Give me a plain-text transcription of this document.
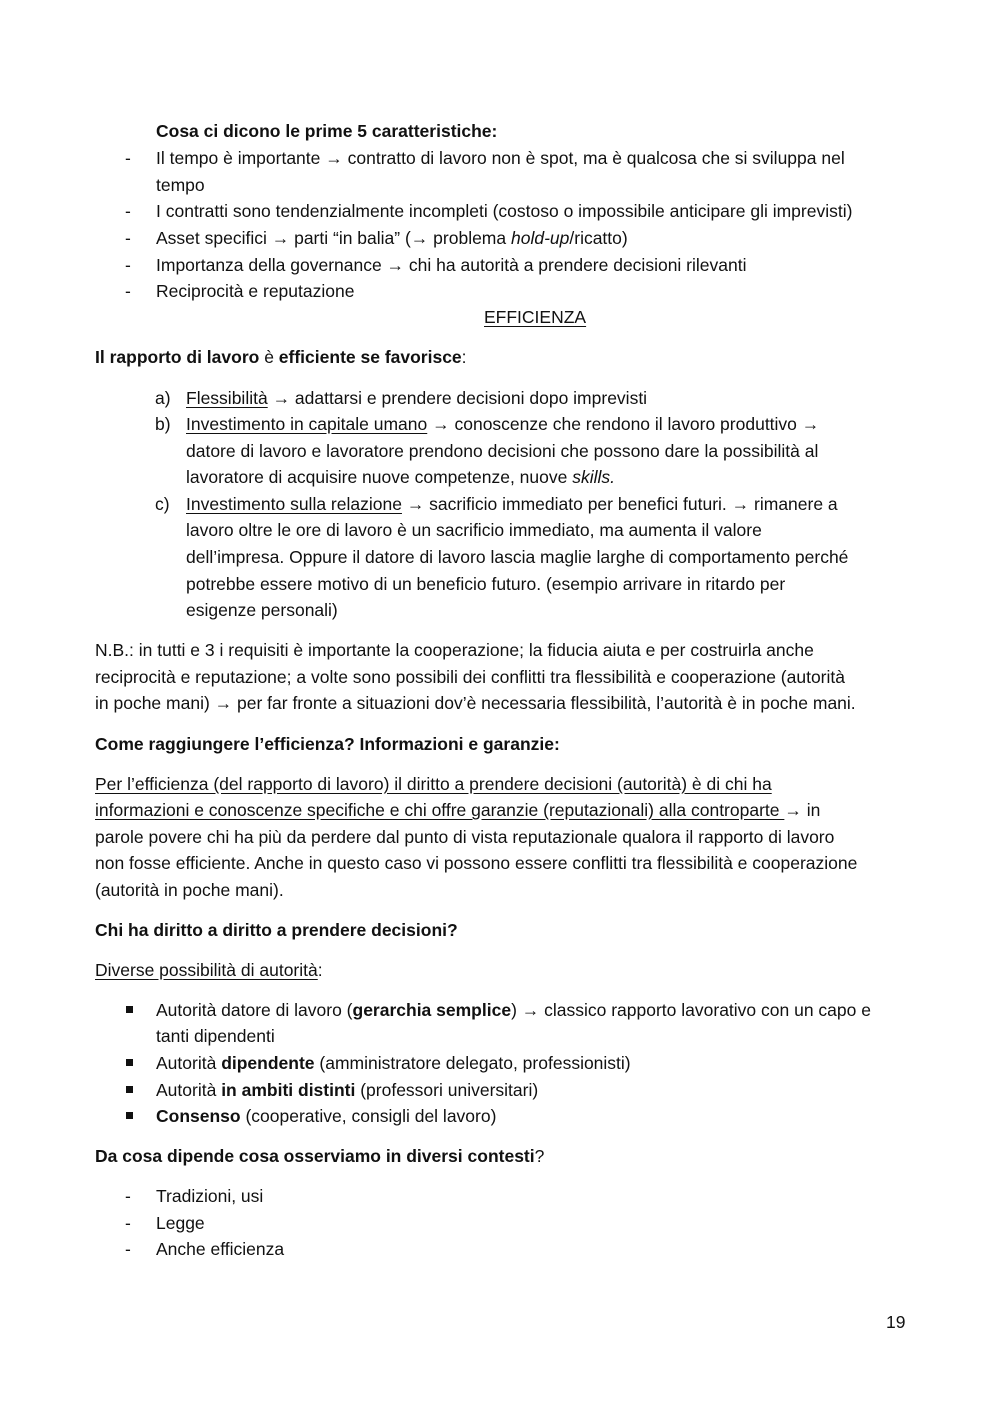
Cosa ci dicono le prime 5 caratteristiche:
- Il tempo è importante → contratto di lavoro non è spot, ma è qualcosa che si sviluppa nel
tempo
- I contratti sono tendenzialmente incompleti (costoso o impossibile anticipare gli imprevisti)
- Asset specifici → parti “in balia” (→ problema hold-up/ricatto)
- Importanza della governance → chi ha autorità a prendere decisioni rilevanti
- Reciprocità e reputazione
EFFICIENZA
Il rapporto di lavoro è efficiente se favorisce:
a) Flessibilità → adattarsi e prendere decisioni dopo imprevisti
b) Investimento in capitale umano → conoscenze che rendono il lavoro produttivo →
datore di lavoro e lavoratore prendono decisioni che possono dare la possibilità al
lavoratore di acquisire nuove competenze, nuove skills.
c) Investimento sulla relazione → sacrificio immediato per benefici futuri. → rimanere a
lavoro oltre le ore di lavoro è un sacrificio immediato, ma aumenta il valore
dell’impresa. Oppure il datore di lavoro lascia maglie larghe di comportamento perché
potrebbe essere motivo di un beneficio futuro. (esempio arrivare in ritardo per
esigenze personali)
N.B.: in tutti e 3 i requisiti è importante la cooperazione; la fiducia aiuta e per costruirla anche
reciprocità e reputazione; a volte sono possibili dei conflitti tra flessibilità e cooperazione (autorità
in poche mani) → per far fronte a situazioni dov’è necessaria flessibilità, l’autorità è in poche mani.
Come raggiungere l’efficienza? Informazioni e garanzie:
Per l’efficienza (del rapporto di lavoro) il diritto a prendere decisioni (autorità) è di chi ha
informazioni e conoscenze specifiche e chi offre garanzie (reputazionali) alla controparte → in
parole povere chi ha più da perdere dal punto di vista reputazionale qualora il rapporto di lavoro
non fosse efficiente. Anche in questo caso vi possono essere conflitti tra flessibilità e cooperazione
(autorità in poche mani).
Chi ha diritto a diritto a prendere decisioni?
Diverse possibilità di autorità:
Autorità datore di lavoro (gerarchia semplice) → classico rapporto lavorativo con un capo e
tanti dipendenti
Autorità dipendente (amministratore delegato, professionisti)
Autorità in ambiti distinti (professori universitari)
Consenso (cooperative, consigli del lavoro)
Da cosa dipende cosa osserviamo in diversi contesti?
- Tradizioni, usi
- Legge
- Anche efficienza
19
